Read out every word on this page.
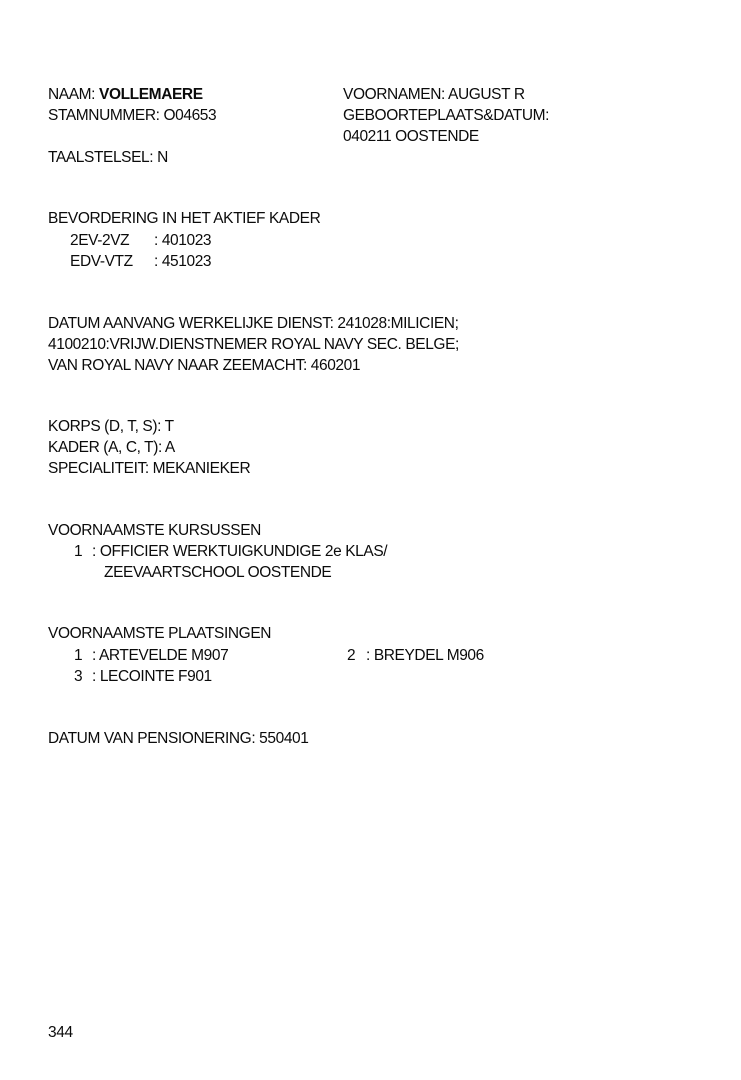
NAAM: VOLLEMAERE	VOORNAMEN: AUGUST R
STAMNUMMER: O04653	GEBOORTEPLAATS&DATUM:
040211 OOSTENDE
TAALSTELSEL: N
BEVORDERING IN HET AKTIEF KADER
2EV-2VZ : 401023
EDV-VTZ : 451023
DATUM AANVANG WERKELIJKE DIENST: 241028:MILICIEN;
4100210:VRIJW.DIENSTNEMER ROYAL NAVY SEC. BELGE;
VAN ROYAL NAVY NAAR ZEEMACHT: 460201
KORPS (D, T, S): T
KADER (A, C, T): A
SPECIALITEIT: MEKANIEKER
VOORNAAMSTE KURSUSSEN
1 : OFFICIER WERKTUIGKUNDIGE 2e KLAS/
ZEEVAARTSCHOOL OOSTENDE
VOORNAAMSTE PLAATSINGEN
1 : ARTEVELDE M907	2 : BREYDEL M906
3 : LECOINTE F901
DATUM VAN PENSIONERING: 550401
344
